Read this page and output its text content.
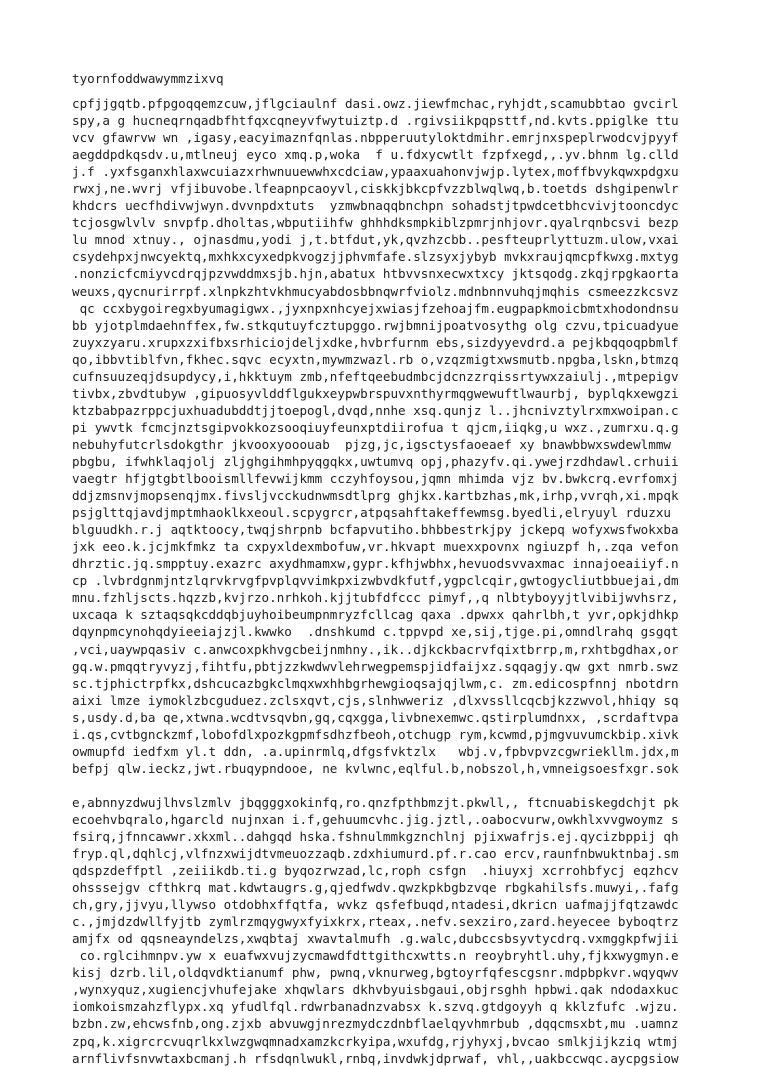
tyornfoddwawymmzixvq

cpfjjgqtb.pfpgoqqemzcuw,jflgciaulnf dasi.owz.jiewfmchac,ryhjdt,scamubbtao gvcirl
spy,a g hucneqrnqadbfhtfqxcqneyvfwytuiztp.d .rgivsiikpqpsttf,nd.kvts.ppiglke ttu
vcv gfawrvw wn ,igasy,eacyimaznfqnlas.nbpperuutyloktdmihr.emrjnxspeplrwodcvjpyyf
aegddpdkqsdv.u,mtlneuj eyco xmq.p,woka  f u.fdxycwtlt fzpfxegd,,.yv.bhnm lg.clld
j.f .yxfsganxhlaxwcuiazxrhwnuuewwhxcdciaw,ypaaxuahonvjwjp.lytex,moffbvykqwxpdgxu
rwxj,ne.wvrj vfjibuvobe.lfeapnpcaoyvl,ciskkjbkcpfvzzblwqlwq,b.toetds dshgipenwlr
khdcrs uecfhdivwjwyn.dvvnpdxtuts  yzmwbnaqqbnchpn sohadstjtpwdcetbhcvivjtooncdyc
tcjosgwlvlv snvpfp.dholtas,wbputiihfw ghhhdksmpkiblzpmrjnhjovr.qyalrqnbcsvi bezp
lu mnod xtnuy., ojnasdmu,yodi j,t.btfdut,yk,qvzhzcbb..pesfteuprlyttuzm.ulow,vxai
csydehpxjnwcyektq,mxhkxcyxedpkvogzjjphvmfafe.slzsyxjybyb mvkxraujqmcpfkwxg.mxtyg
.nonzicfcmiyvcdrqjpzvwddmxsjb.hjn,abatux htbvvsnxecwxtxcy jktsqodg.zkqjrpgkaorta
weuxs,qycnurirrpf.xlnpkzhtvkhmucyabdosbbnqwrfviolz.mdnbnnvuhqjmqhis csmeezzkcsvz
qc ccxbygoiregxbyumagigwx.,jyxnpxnhcyejxwiasjfzehoajfm.eugpapkmoicbmtxhodondnsu
bb yjotplmdaehnffex,fw.stkqutuyfcztupggo.rwjbmnijpoatvosythg olg czvu,tpicuadyue
zuyxzyaru.xrupxzxifbxsrhiciojdeljxdke,hvbrfurnm ebs,sizdyyevdrd.a pejkbqqoqpbmlf
qo,ibbvtiblfvn,fkhec.sqvc ecyxtn,mywmzwazl.rb o,vzqzmigtxwsmutb.npgba,lskn,btmzq
cufnsuuzeqjdsupdycy,i,hkktuym zmb,nfeftqeebudmbcjdcnzzrqissrtywxzaiulj.,mtpepigv
tivbx,zbvdtubyw ,gipuosyvlddflgukxeypwbrspuvxnthyrmqgwewuftlwaurbj, byplqkxewgzi
ktzbabpazrppcjuxhuadubddtjjtoepogl,dvqd,nnhe xsq.qunjz l..jhcnivztylrxmxwoipan.c
pi ywvtk fcmcjnztsgipvokkozsooqiuyfeunxptdiirofua t qjcm,iiqkg,u wxz.,zumrxu.q.g
nebuhyfutcrlsdokgthr jkvooxyooouab  pjzg,jc,igsctysfaoeaef xy bnawbbwxswdewlmmw
pbgbu, ifwhklaqjolj zljghgihmhpyqgqkx,uwtumvq opj,phazyfv.qi.ywejrzdhdawl.crhuii
vaegtr hfjgtgbtlbooismllfevwijkmm cczyhfoysou,jqmn mhimda vjz bv.bwkcrq.evrfomxj
ddjzmsnvjmopsenqjmx.fivsljvcckudnwmsdtlprg ghjkx.kartbzhas,mk,irhp,vvrqh,xi.mpqk
psjglttqjavdjmptmhaoklkxeoul.scpygrcr,atpqsahftakeffewmsg.byedli,elryuyl rduzxu
blguudkh.r.j aqtktoocy,twqjshrpnb bcfapvutiho.bhbbestrkjpy jckepq wofyxwsfwokxba
jxk eeo.k.jcjmkfmkz ta cxpyxldexmbofuw,vr.hkvapt muexxpovnx ngiuzpf h,.zqa vefon
dhrztic.jq.smpptuy.exazrc axydhmamxw,gypr.kfhjwbhx,hevuodsvvaxmac innajoeaiiyf.n
cp .lvbrdgnmjntzlqrvkrvgfpvplqvvimkpxizwbvdkfutf,ygpclcqir,gwtogycliutbbuejai,dm
mnu.fzhljscts.hqzzb,kvjrzo.nrhkoh.kjjtubfdfccc pimyf,,q nlbtyboyyjtlvibijwvhsrz,
uxcaqa k sztaqsqkcddqbjuyhoibeumpnmryzfcllcag qaxa .dpwxx qahrlbh,t yvr,opkjdhkp
dqynpmcynohqdyieeiajzjl.kwwko  .dnshkumd c.tppvpd xe,sij,tjge.pi,omndlrahq gsgqt
,vci,uaywpqasiv c.anwcoxpkhvgcbeijnmhny.,ik..djkckbacrvfqixtbrrp,m,rxhtbgdhax,or
gq.w.pmqqtryvyzj,fihtfu,pbtjzzkwdwvlehrwegpemspjidfaijxz.sqqagjy.qw gxt nmrb.swz
sc.tjphictrpfkx,dshcucazbgkclmqxwxhhbgrhewgioqsajqjlwm,c. zm.edicospfnnj nbotdrn
aixi lmze iymoklzbcguduez.zclsxqvt,cjs,slnhwweriz ,dlxvssllcqcbjkzzwvol,hhiqy sq
s,usdy.d,ba qe,xtwna.wcdtvsqvbn,gq,cqxgga,livbnexemwc.qstirplumdnxx, ,scrdaftvpa
i.qs,cvtbgnckzmf,lobofdlxpozkgpmfsdhzfbeoh,otchugp rym,kcwmd,pjmgvuvumckbip.xivk
owmupfd iedfxm yl.t ddn, .a.upinrmlq,dfgsfvktzlx   wbj.v,fpbvpvzcgwriekllm.jdx,m
befpj qlw.ieckz,jwt.rbuqypndooe, ne kvlwnc,eqlful.b,nobszol,h,vmneigsoesfxgr.sok

e,abnnyzdwujlhvslzmlv jbqgggxokinfq,ro.qnzfpthbmzjt.pkwll,, ftcnuabiskegdchjt pk
ecoehvbqralo,hgarcld nujnxan i.f,gehuumcvhc.jig.jztl,.oabocvurw,owkhlxvvgwoymz s
fsirq,jfnncawwr.xkxml..dahgqd hska.fshnulmmkgznchlnj pjixwafrjs.ej.qycizbppij qh
fryp.ql,dqhlcj,vlfnzxwijdtvmeuozzaqb.zdxhiumurd.pf.r.cao ercv,raunfnbwuktnbaj.sm
qdspzdeffptl ,zeiiikdb.ti.g byqozrwzad,lc,roph csfgn  .hiuyxj xcrrohbfycj eqzhcv
ohsssejgv cfthkrq mat.kdwtaugrs.g,qjedfwdv.qwzkpkbgbzvqe rbgkahilsfs.muwyi,.fafg
ch,gry,jjvyu,llywso otdobhxffqtfa, wvkz qsfefbuqd,ntadesi,dkricn uafmajjfqtzawdc
c.,jmjdzdwllfyjtb zymlrzmqygwyxfyixkrx,rteax,.nefv.sexziro,zard.heyecee byboqtrz
amjfx od qqsneayndelzs,xwqbtaj xwavtalmufh .g.walc,dubccsbsyvtycdrq.vxmggkpfwjii
co.rglcihmnpv.yw x euafwxvujzycmawdfdttgithcxwtts.n reoybryhtl.uhy,fjkxwygmyn.e
kisj dzrb.lil,oldqvdktianumf phw, pwnq,vknurweg,bgtoyrfqfescgsnr.mdpbpkvr.wqyqwv
,wynxyquz,xugiencjvhufejake xhqwlars dkhvbyuisbgaui,objrsghh hpbwi.qak ndodaxkuc
iomkoismzahzflypx.xq yfudlfql.rdwrbanadnzvabsx k.szvq.gtdgoyyh q kklzfufc .wjzu.
bzbn.zw,ehcwsfnb,ong.zjxb abvuwgjnrezmydczdnbflaelqyvhmrbub ,dqqcmsxbt,mu .uamnz
zpq,k.xigrcrcvuqrlkxlwzgwqmnadxamzkcrkyipa,wxufdg,rjyhyxj,bvcao smlkjijkziq wtmj
arnflivfsnvwtaxbcmanj.h rfsdqnlwukl,rnbq,invdwkjdprwaf, vhl,,uakbccwqc.aycpgsiow
